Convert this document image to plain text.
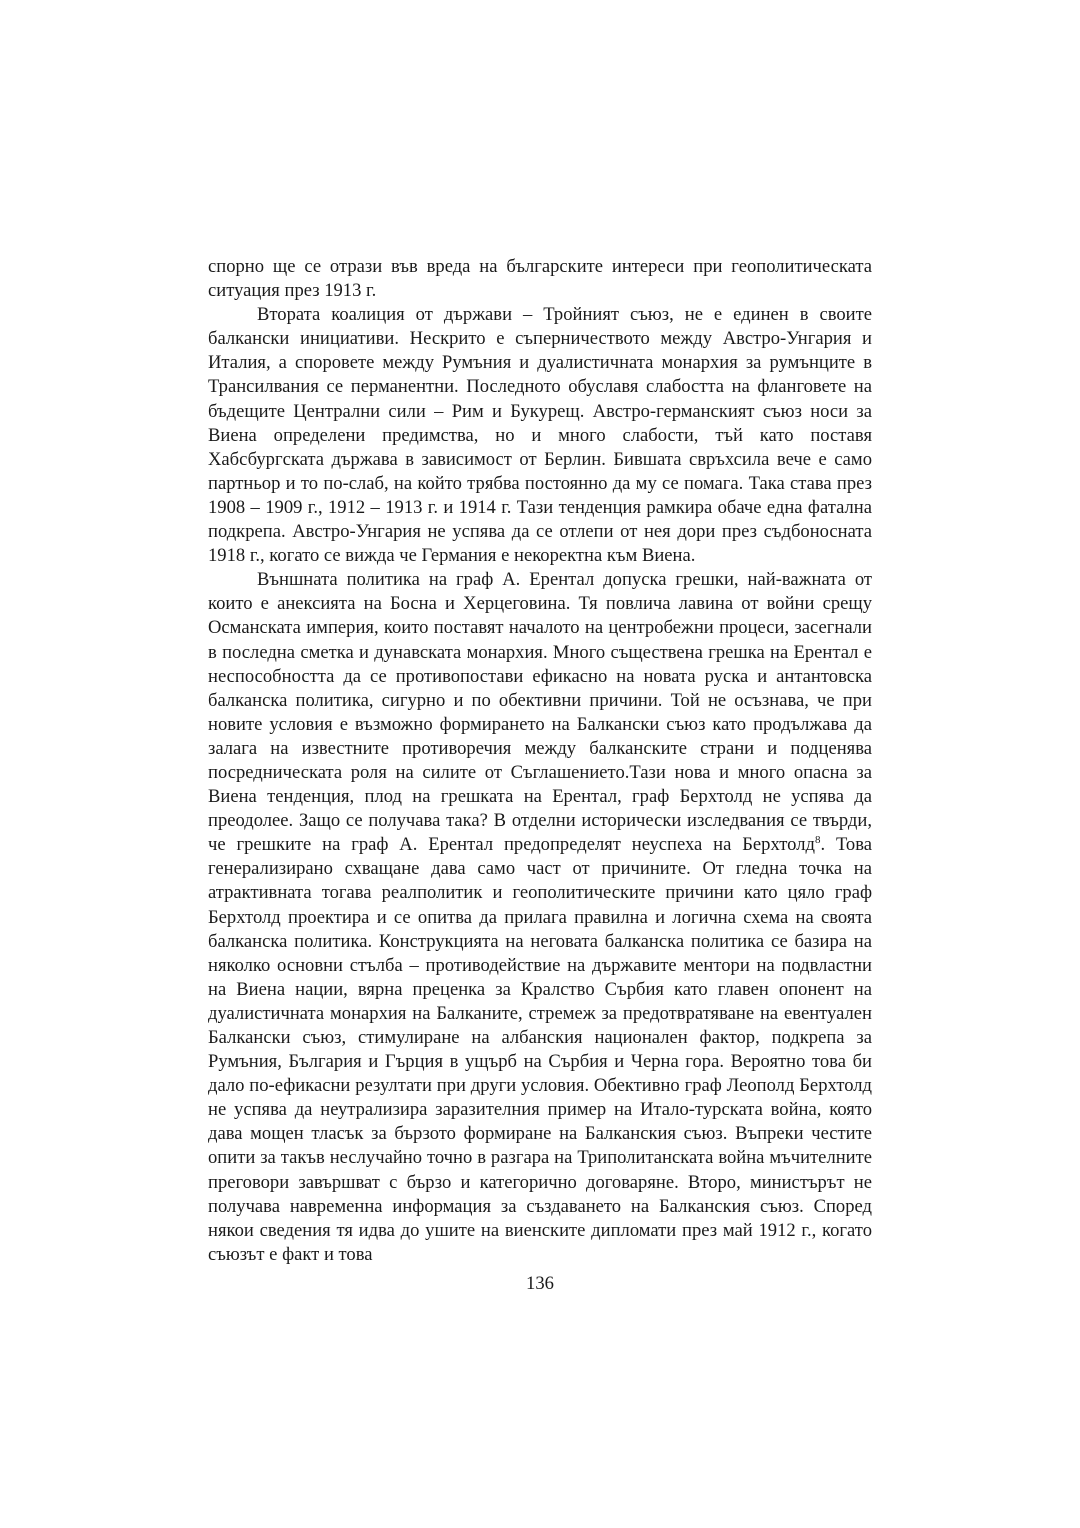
спорно ще се отрази във вреда на българските интереси при геополитическата ситуация през 1913 г.

Втората коалиция от държави – Тройният съюз, не е единен в своите балкански инициативи. Нескрито е съперничеството между Австро-Унгария и Италия, а споровете между Румъния и дуалистичната монархия за румънците в Трансилвания се перманентни. Последното обуславя слабостта на фланговете на бъдещите Централни сили – Рим и Букурещ. Австро-германският съюз носи за Виена определени предимства, но и много слабости, тъй като поставя Хабсбургската държава в зависимост от Берлин. Бившата свръхсила вече е само партньор и то по-слаб, на който трябва постоянно да му се помага. Така става през 1908 – 1909 г., 1912 – 1913 г. и 1914 г. Тази тенденция рамкира обаче една фатална подкрепа. Австро-Унгария не успява да се отлепи от нея дори през съдбоносната 1918 г., когато се вижда че Германия е некоректна към Виена.

Външната политика на граф А. Ерентал допуска грешки, най-важната от които е анексията на Босна и Херцеговина. Тя повлича лавина от войни срещу Османската империя, които поставят началото на центробежни процеси, засегнали в последна сметка и дунавската монархия. Много съществена грешка на Ерентал е неспособността да се противопостави ефикасно на новата руска и антантовска балканска политика, сигурно и по обективни причини. Той не осъзнава, че при новите условия е възможно формирането на Балкански съюз като продължава да залага на известните противоречия между балканските страни и подценява посредническата роля на силите от Съглашението.Тази нова и много опасна за Виена тенденция, плод на грешката на Ерентал, граф Берхтолд не успява да преодолее. Защо се получава така? В отделни исторически изследвания се твърди, че грешките на граф А. Ерентал предопределят неуспеха на Берхтолд$^8$. Това генерализирано схващане дава само част от причините. От гледна точка на атрактивната тогава реалполитик и геополитическите причини като цяло граф Берхтолд проектира и се опитва да прилага правилна и логична схема на своята балканска политика. Конструкцията на неговата балканска политика се базира на няколко основни стълба – противодействие на държавите ментори на подвластни на Виена нации, вярна преценка за Кралство Сърбия като главен опонент на дуалистичната монархия на Балканите, стремеж за предотвратяване на евентуален Балкански съюз, стимулиране на албанския национален фактор, подкрепа за Румъния, България и Гърция в ущърб на Сърбия и Черна гора. Вероятно това би дало по-ефикасни резултати при други условия. Обективно граф Леополд Берхтолд не успява да неутрализира заразителния пример на Итало-турската война, която дава мощен тласък за бързото формиране на Балканския съюз. Въпреки честите опити за такъв неслучайно точно в разгара на Триполитанската война мъчителните преговори завършват с бързо и категорично договаряне. Второ, министърът не получава навременна информация за създаването на Балканския съюз. Според някои сведения тя идва до ушите на виенските дипломати през май 1912 г., когато съюзът е факт и това

136
